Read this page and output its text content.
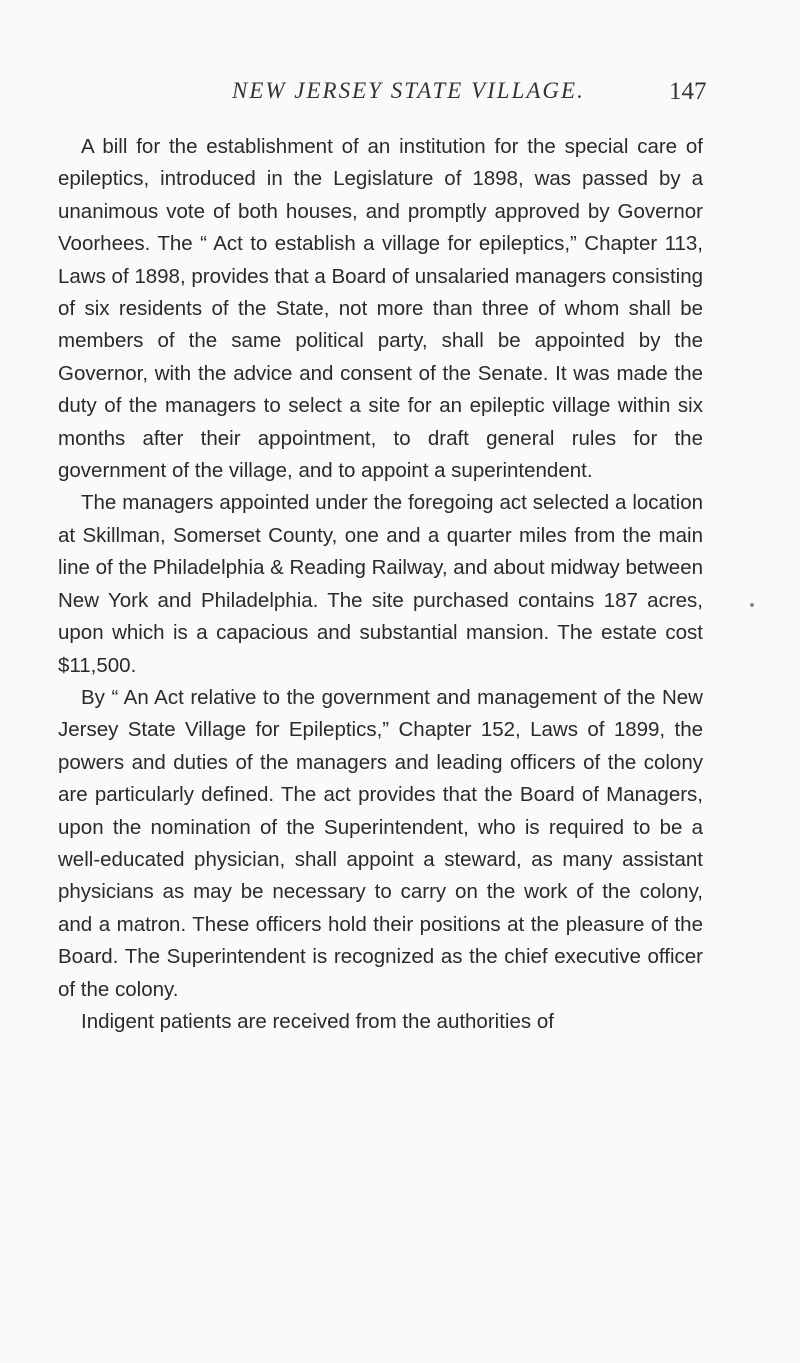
NEW JERSEY STATE VILLAGE.	147

A bill for the establishment of an institution for the special care of epileptics, introduced in the Legislature of 1898, was passed by a unanimous vote of both houses, and promptly approved by Governor Voorhees. The “ Act to establish a village for epileptics,” Chapter 113, Laws of 1898, provides that a Board of unsalaried managers consisting of six residents of the State, not more than three of whom shall be members of the same political party, shall be appointed by the Governor, with the advice and consent of the Senate. It was made the duty of the managers to select a site for an epileptic village within six months after their appointment, to draft general rules for the government of the village, and to appoint a superintendent.

The managers appointed under the foregoing act selected a location at Skillman, Somerset County, one and a quarter miles from the main line of the Philadelphia & Reading Railway, and about midway between New York and Philadelphia. The site purchased contains 187 acres, upon which is a capacious and substantial mansion. The estate cost $11,500.

By “ An Act relative to the government and management of the New Jersey State Village for Epileptics,” Chapter 152, Laws of 1899, the powers and duties of the managers and leading officers of the colony are particularly defined. The act provides that the Board of Managers, upon the nomination of the Superintendent, who is required to be a well-educated physician, shall appoint a steward, as many assistant physicians as may be necessary to carry on the work of the colony, and a matron. These officers hold their positions at the pleasure of the Board. The Superintendent is recognized as the chief executive officer of the colony.

Indigent patients are received from the authorities of
